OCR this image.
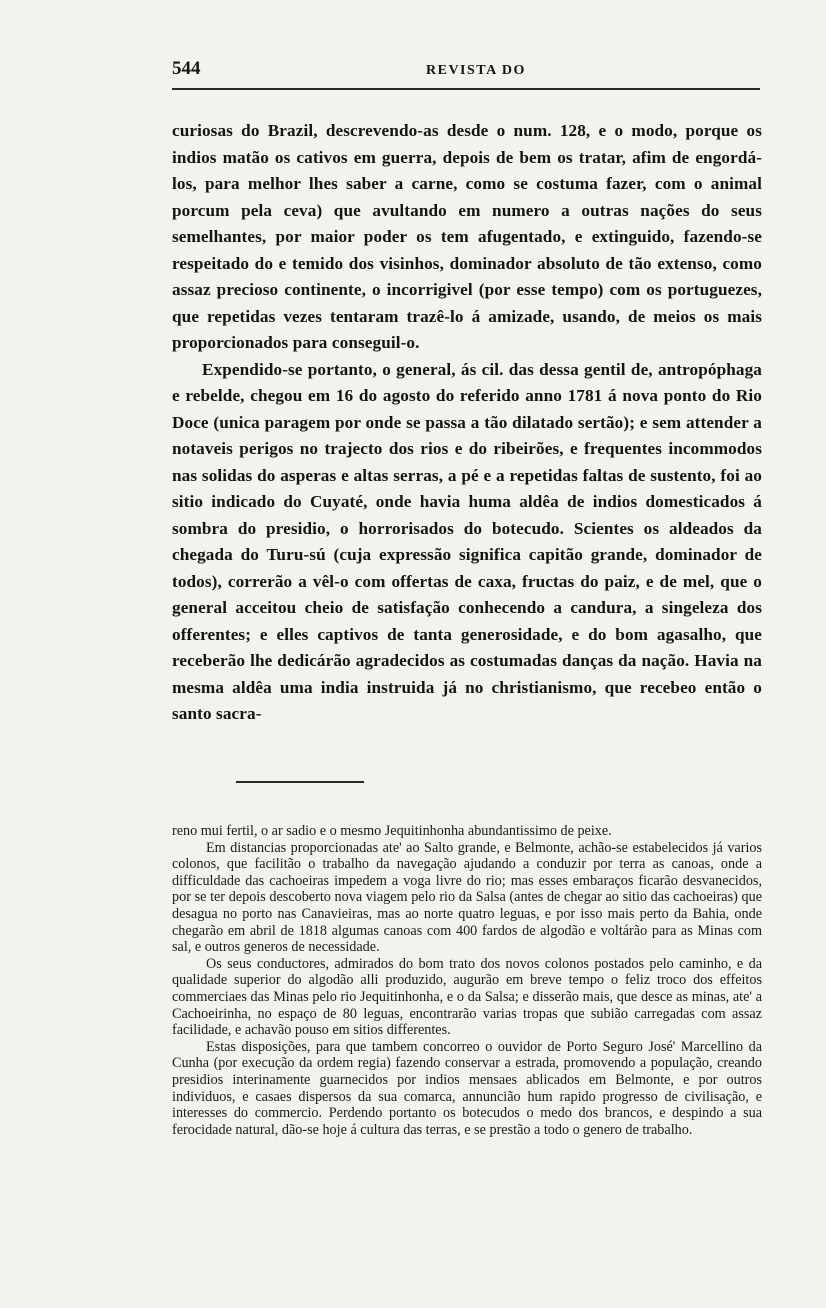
544	REVISTA DO

curiosas do Brazil, descrevendo-as desde o num. 128, e o modo, porque os indios matão os cativos em guerra, depois de bem os tratar, afim de engordá-los, para melhor lhes saber a carne, como se costuma fazer, com o animal porcum pela ceva) que avultando em numero a outras nações do seus semelhantes, por maior poder os tem afugentado, e extinguido, fazendo-se respeitado do e temido dos visinhos, dominador absoluto de tão extenso, como assaz precioso continente, o incorrigivel (por esse tempo) com os portuguezes, que repetidas vezes tentaram trazê-lo á amizade, usando, de meios os mais proporcionados para conseguil-o.

Expendido-se portanto, o general, ás cil. das dessa gentil de, antropóphaga e rebelde, chegou em 16 do agosto do referido anno 1781 á nova ponto do Rio Doce (unica paragem por onde se passa a tão dilatado sertão); e sem attender a notaveis perigos no trajecto dos rios e do ribeirões, e frequentes incommodos nas solidas do asperas e altas serras, a pé e a repetidas faltas de sustento, foi ao sitio indicado do Cuyaté, onde havia huma aldêa de indios domesticados á sombra do presidio, o horrorisados do botecudo. Scientes os aldeados da chegada do Turu-sú (cuja expressão significa capitão grande, dominador de todos), correrão a vêl-o com offertas de caxa, fructas do paiz, e de mel, que o general acceitou cheio de satisfação conhecendo a candura, a singeleza dos offerentes; e elles captivos de tanta generosidade, e do bom agasalho, que receberão lhe dedicárão agradecidos as costumadas danças da nação. Havia na mesma aldêa uma india instruida já no christianismo, que recebeo então o santo sacra-

reno mui fertil, o ar sadio e o mesmo Jequitinhonha abundantissimo de peixe.

Em distancias proporcionadas ate' ao Salto grande, e Belmonte, achão-se estabelecidos já varios colonos, que facilitão o trabalho da navegação ajudando a conduzir por terra as canoas, onde a difficuldade das cachoeiras impedem a voga livre do rio; mas esses embaraços ficarão desvanecidos, por se ter depois descoberto nova viagem pelo rio da Salsa (antes de chegar ao sitio das cachoeiras) que desagua no porto nas Canavieiras, mas ao norte quatro leguas, e por isso mais perto da Bahia, onde chegarão em abril de 1818 algumas canoas com 400 fardos de algodão e voltárão para as Minas com sal, e outros generos de necessidade.

Os seus conductores, admirados do bom trato dos novos colonos postados pelo caminho, e da qualidade superior do algodão alli produzido, augurão em breve tempo o feliz troco dos effeitos commerciaes das Minas pelo rio Jequitinhonha, e o da Salsa; e disserão mais, que desce as minas, ate' a Cachoeirinha, no espaço de 80 leguas, encontrarão varias tropas que subião carregadas com assaz facilidade, e achavão pouso em sitios differentes.

Estas disposições, para que tambem concorreo o ouvidor de Porto Seguro José' Marcellino da Cunha (por execução da ordem regia) fazendo conservar a estrada, promovendo a população, creando presidios interinamente guarnecidos por indios mensaes ablicados em Belmonte, e por outros individuos, e casaes dispersos da sua comarca, annuncião hum rapido progresso de civilisação, e interesses do commercio. Perdendo portanto os botecudos o medo dos brancos, e despindo a sua ferocidade natural, dão-se hoje á cultura das terras, e se prestão a todo o genero de trabalho.
